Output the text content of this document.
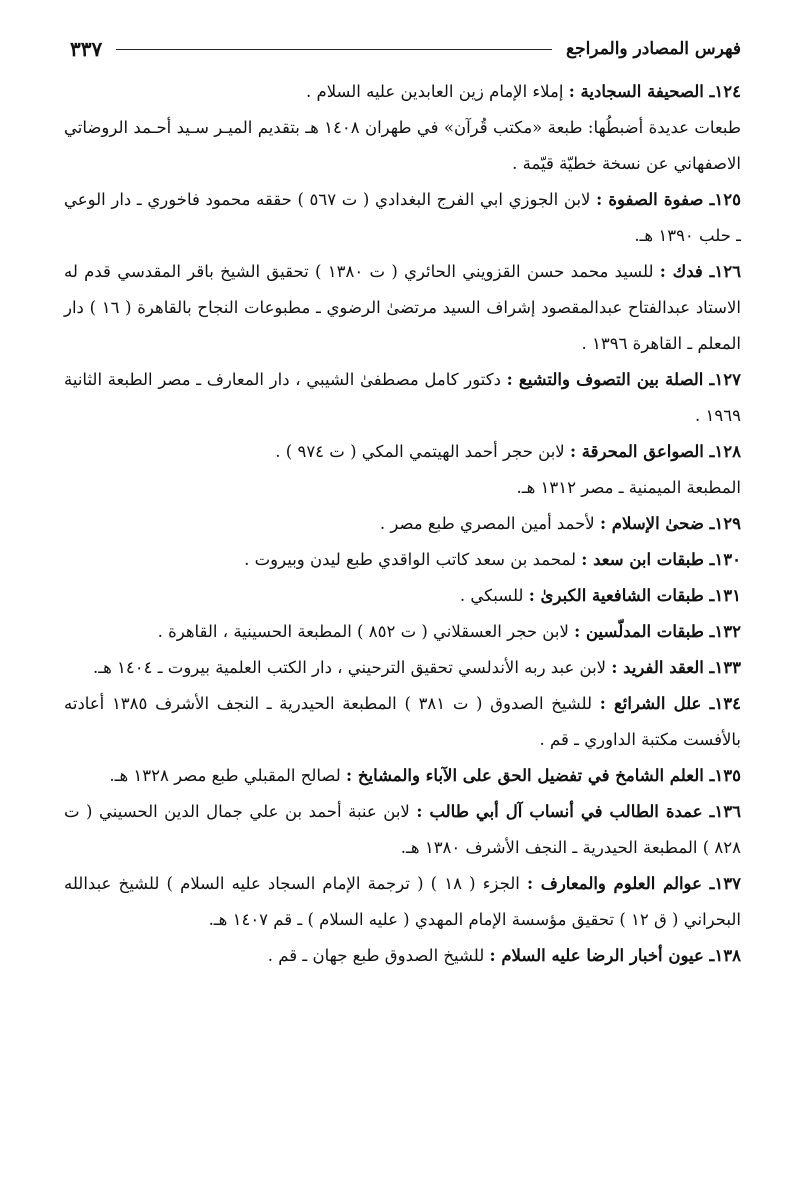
فهرس المصادر والمراجع
٣٣٧

١٢٤ـ الصحيفة السجادية : إملاء الإمام زين العابدين عليه السلام .

طبعات عديدة أضبطُها: طبعة «مكتب قُرآن» في طهران ١٤٠٨ هـ بتقديم الميـر سـيد أحـمد الروضاتي الاصفهاني عن نسخة خطيّة قيّمة .

١٢٥ـ صفوة الصفوة : لابن الجوزي ابي الفرج البغدادي ( ت ٥٦٧ ) حققه محمود فاخوري ـ دار الوعي ـ حلب ١٣٩٠ هـ.

١٢٦ـ فدك : للسيد محمد حسن القزويني الحائري ( ت ١٣٨٠ ) تحقيق الشيخ باقر المقدسي قدم له الاستاد عبدالفتاح عبدالمقصود إشراف السيد مرتضىٰ الرضوي ـ مطبوعات النجاح بالقاهرة ( ١٦ ) دار المعلم ـ القاهرة ١٣٩٦ .

١٢٧ـ الصلة بين التصوف والتشيع : دكتور كامل مصطفىٰ الشيبي ، دار المعارف ـ مصر الطبعة الثانية ١٩٦٩ .

١٢٨ـ الصواعق المحرقة : لابن حجر أحمد الهيتمي المكي ( ت ٩٧٤ ) .

المطبعة الميمنية ـ مصر ١٣١٢ هـ.

١٢٩ـ ضحىٰ الإسلام : لأحمد أمين المصري طبع مصر .

١٣٠ـ طبقات ابن سعد : لمحمد بن سعد كاتب الواقدي طبع ليدن وبيروت .

١٣١ـ طبقات الشافعية الكبرىٰ : للسبكي .

١٣٢ـ طبقات المدلّسين : لابن حجر العسقلاني ( ت ٨٥٢ ) المطبعة الحسينية ، القاهرة .

١٣٣ـ العقد الفريد : لابن عبد ربه الأندلسي تحقيق الترحيني ، دار الكتب العلمية بيروت ـ ١٤٠٤ هـ.

١٣٤ـ علل الشرائع : للشيخ الصدوق ( ت ٣٨١ ) المطبعة الحيدرية ـ النجف الأشرف ١٣٨٥ أعادته بالأفست مكتبة الداوري ـ قم .

١٣٥ـ العلم الشامخ في تفضيل الحق على الآباء والمشايخ : لصالح المقبلي طبع مصر ١٣٢٨ هـ.

١٣٦ـ عمدة الطالب في أنساب آل أبي طالب : لابن عنبة أحمد بن علي جمال الدين الحسيني ( ت ٨٢٨ ) المطبعة الحيدرية ـ النجف الأشرف ١٣٨٠ هـ.

١٣٧ـ عوالم العلوم والمعارف : الجزء ( ١٨ ) ( ترجمة الإمام السجاد عليه السلام ) للشيخ عبدالله البحراني ( ق ١٢ ) تحقيق مؤسسة الإمام المهدي ( عليه السلام ) ـ قم ١٤٠٧ هـ.

١٣٨ـ عيون أخبار الرضا عليه السلام : للشيخ الصدوق طبع جهان ـ قم .
